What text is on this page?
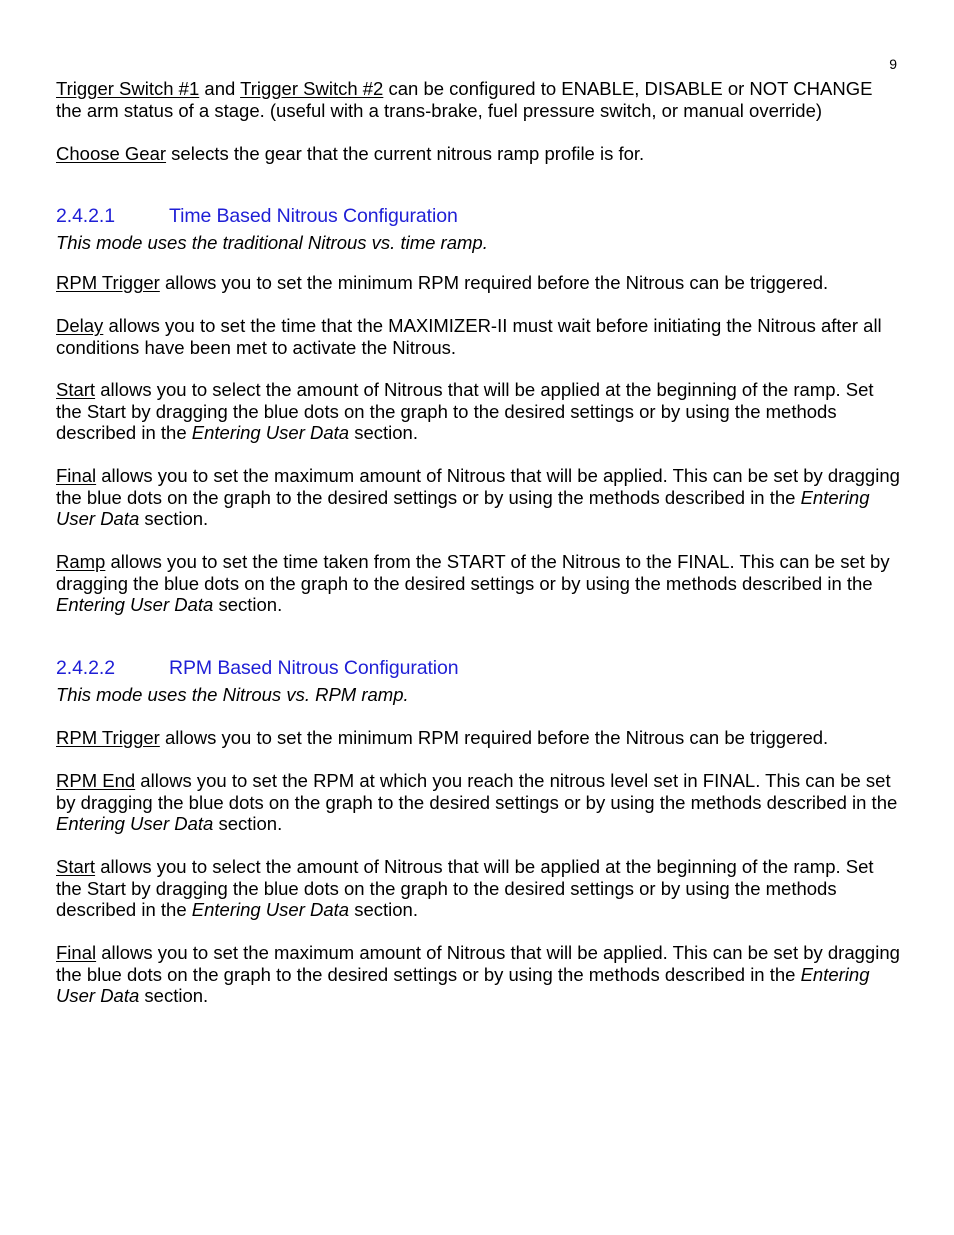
9

Trigger Switch #1 and Trigger Switch #2 can be configured to ENABLE, DISABLE or NOT CHANGE the arm status of a stage. (useful with a trans-brake, fuel pressure switch, or manual override)

Choose Gear selects the gear that the current nitrous ramp profile is for.

2.4.2.1	Time Based Nitrous Configuration

This mode uses the traditional Nitrous vs. time ramp.

RPM Trigger allows you to set the minimum RPM required before the Nitrous can be triggered.

Delay allows you to set the time that the MAXIMIZER-II must wait before initiating the Nitrous after all conditions have been met to activate the Nitrous.

Start allows you to select the amount of Nitrous that will be applied at the beginning of the ramp. Set the Start by dragging the blue dots on the graph to the desired settings or by using the methods described in the Entering User Data section.

Final allows you to set the maximum amount of Nitrous that will be applied. This can be set by dragging the blue dots on the graph to the desired settings or by using the methods described in the Entering User Data section.

Ramp allows you to set the time taken from the START of the Nitrous to the FINAL. This can be set by dragging the blue dots on the graph to the desired settings or by using the methods described in the Entering User Data section.

2.4.2.2	RPM Based Nitrous Configuration

This mode uses the Nitrous vs. RPM ramp.

RPM Trigger allows you to set the minimum RPM required before the Nitrous can be triggered.

RPM End allows you to set the RPM at which you reach the nitrous level set in FINAL. This can be set by dragging the blue dots on the graph to the desired settings or by using the methods described in the Entering User Data section.

Start allows you to select the amount of Nitrous that will be applied at the beginning of the ramp. Set the Start by dragging the blue dots on the graph to the desired settings or by using the methods described in the Entering User Data section.

Final allows you to set the maximum amount of Nitrous that will be applied. This can be set by dragging the blue dots on the graph to the desired settings or by using the methods described in the Entering User Data section.
